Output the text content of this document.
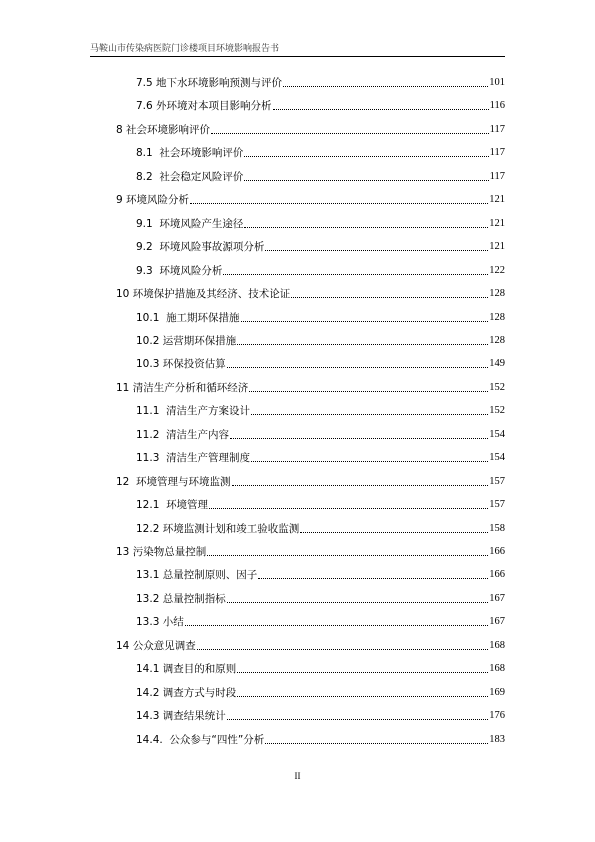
马鞍山市传染病医院门诊楼项目环境影响报告书
7.5 地下水环境影响预测与评价	101
7.6 外环境对本项目影响分析	116
8 社会环境影响评价	117
8.1 社会环境影响评价	117
8.2 社会稳定风险评价	117
9 环境风险分析	121
9.1 环境风险产生途径	121
9.2 环境风险事故源项分析	121
9.3 环境风险分析	122
10 环境保护措施及其经济、技术论证	128
10.1 施工期环保措施	128
10.2 运营期环保措施	128
10.3 环保投资估算	149
11 清洁生产分析和循环经济	152
11.1 清洁生产方案设计	152
11.2 清洁生产内容	154
11.3 清洁生产管理制度	154
12 环境管理与环境监测	157
12.1 环境管理	157
12.2 环境监测计划和竣工验收监测	158
13 污染物总量控制	166
13.1 总量控制原则、因子	166
13.2 总量控制指标	167
13.3 小结	167
14 公众意见调查	168
14.1 调查目的和原则	168
14.2 调查方式与时段	169
14.3 调查结果统计	176
14.4. 公众参与“四性”分析	183
II
